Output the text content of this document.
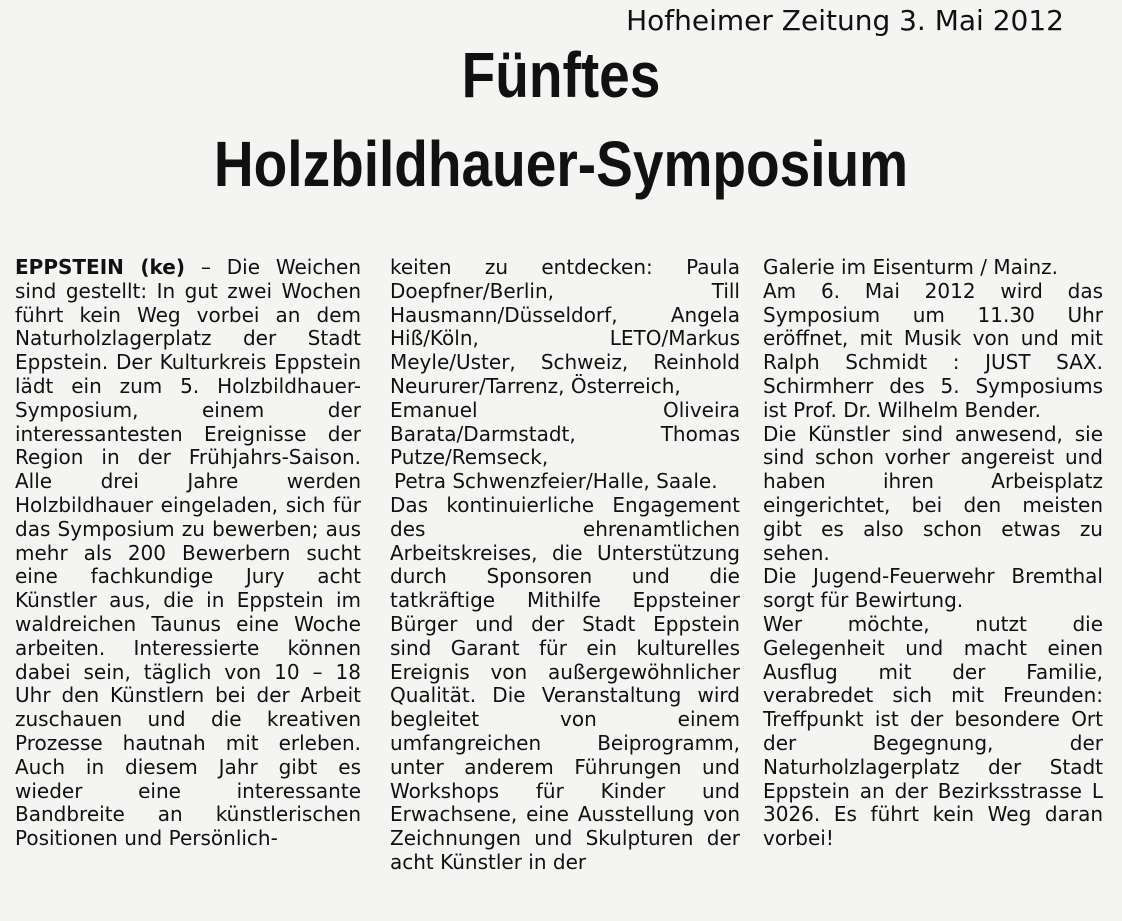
Hofheimer Zeitung 3. Mai 2012
Fünftes
Holzbildhauer-Symposium

EPPSTEIN (ke) – Die Weichen sind gestellt: In gut zwei Wochen führt kein Weg vorbei an dem Naturholzlagerplatz der Stadt Eppstein. Der Kulturkreis Eppstein lädt ein zum 5. Holzbildhauer-Symposium, einem der interessantesten Ereignisse der Region in der Frühjahrs-Saison. Alle drei Jahre werden Holzbildhauer eingeladen, sich für das Symposium zu bewerben; aus mehr als 200 Bewerbern sucht eine fachkundige Jury acht Künstler aus, die in Eppstein im waldreichen Taunus eine Woche arbeiten. Interessierte können dabei sein, täglich von 10 – 18 Uhr den Künstlern bei der Arbeit zuschauen und die kreativen Prozesse hautnah mit erleben. Auch in diesem Jahr gibt es wieder eine interessante Bandbreite an künstlerischen Positionen und Persönlich-

keiten zu entdecken: Paula Doepfner/Berlin, Till Hausmann/Düsseldorf, Angela Hiß/Köln, LETO/Markus Meyle/Uster, Schweiz, Reinhold Neururer/Tarrenz, Österreich,

Emanuel Oliveira Barata/Darmstadt, Thomas Putze/Remseck,

Petra Schwenzfeier/Halle, Saale.

Das kontinuierliche Engagement des ehrenamtlichen Arbeitskreises, die Unterstützung durch Sponsoren und die tatkräftige Mithilfe Eppsteiner Bürger und der Stadt Eppstein sind Garant für ein kulturelles Ereignis von außergewöhnlicher Qualität. Die Veranstaltung wird begleitet von einem umfangreichen Beiprogramm, unter anderem Führungen und Workshops für Kinder und Erwachsene, eine Ausstellung von Zeichnungen und Skulpturen der acht Künstler in der

Galerie im Eisenturm / Mainz.

Am 6. Mai 2012 wird das Symposium um 11.30 Uhr eröffnet, mit Musik von und mit Ralph Schmidt : JUST SAX. Schirmherr des 5. Symposiums ist Prof. Dr. Wilhelm Bender.

Die Künstler sind anwesend, sie sind schon vorher angereist und haben ihren Arbeisplatz eingerichtet, bei den meisten gibt es also schon etwas zu sehen.

Die Jugend-Feuerwehr Bremthal sorgt für Bewirtung.

Wer möchte, nutzt die Gelegenheit und macht einen Ausflug mit der Familie, verabredet sich mit Freunden: Treffpunkt ist der besondere Ort der Begegnung, der Naturholzlagerplatz der Stadt Eppstein an der Bezirksstrasse L 3026. Es führt kein Weg daran vorbei!
